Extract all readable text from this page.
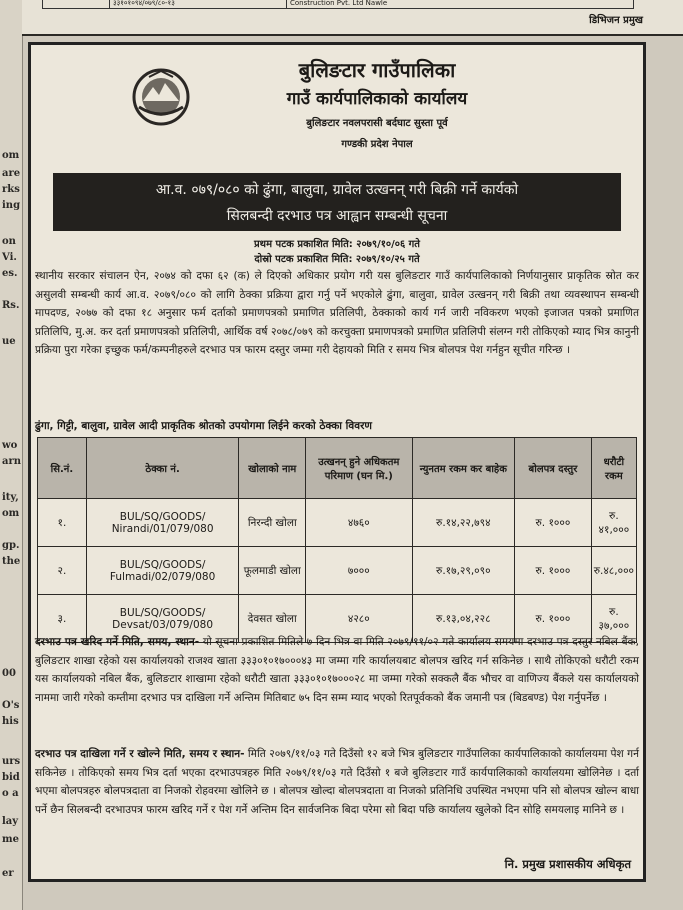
om
are
rks
ing
on
Vi.
es.
Rs.
ue
wo
arn
ity,
om
gp.
the
00
O's
his
urs
bid
o a
lay
me
er
३३१०१०९४/०७९/८०-१३	Construction Pvt. Ltd Nawle
डिभिजन प्रमुख
बुलिङटार गाउँपालिका
गाउँ कार्यपालिकाको कार्यालय
बुलिङटार नवलपरासी बर्दघाट सुस्ता पूर्व
गण्डकी प्रदेश नेपाल
आ.व. ०७९/०८० को ढुंगा, बालुवा, ग्रावेल उत्खनन् गरी बिक्री गर्ने कार्यको
सिलबन्दी दरभाउ पत्र आह्वान सम्बन्धी सूचना
प्रथम पटक प्रकाशित मिति: २०७९/१०/०६ गते
दोस्रो पटक प्रकाशित मिति: २०७९/१०/२५ गते
स्थानीय सरकार संचालन ऐन, २०७४ को दफा ६२ (क) ले दिएको अधिकार प्रयोग गरी यस बुलिङटार गाउँ कार्यपालिकाको निर्णयानुसार प्राकृतिक स्रोत कर असुलवी सम्बन्धी कार्य आ.व. २०७९/०८० को लागि ठेक्का प्रक्रिया द्वारा गर्नु पर्ने भएकोले ढुंगा, बालुवा, ग्रावेल उत्खनन् गरी बिक्री तथा व्यवस्थापन सम्बन्धी मापदण्ड, २०७७ को दफा १८ अनुसार फर्म दर्ताको प्रमाणपत्रको प्रमाणित प्रतिलिपी, ठेक्काको कार्य गर्न जारी नविकरण भएको इजाजत पत्रको प्रमाणित प्रतिलिपि, मु.अ. कर दर्ता प्रमाणपत्रको प्रतिलिपी, आर्थिक वर्ष २०७८/०७९ को करचुक्ता प्रमाणपत्रको प्रमाणित प्रतिलिपी संलग्न गरी तोकिएको म्याद भित्र कानुनी प्रक्रिया पुरा गरेका इच्छुक फर्म/कम्पनीहरुले दरभाउ पत्र फारम दस्तुर जम्मा गरी देहायको मिति र समय भित्र बोलपत्र पेश गर्नहुन सूचीत गरिन्छ ।
ढुंगा, गिट्टी, बालुवा, ग्रावेल आदी प्राकृतिक श्रोतको उपयोगमा लिईने करको ठेक्का विवरण
सि.नं.	ठेक्का नं.	खोलाको नाम	उत्खनन् हुने अधिकतम परिमाण (घन मि.)	न्युनतम रकम कर बाहेक	बोलपत्र दस्तुर	धरौटी रकम
१.	BUL/SQ/GOODS/ Nirandi/01/079/080	निरन्दी खोला	४७६०	रु.१४,२२,७९४	रु. १०००	रु. ४१,०००
२.	BUL/SQ/GOODS/ Fulmadi/02/079/080	फूलमाडी खोला	७०००	रु.१७,२९,०९०	रु. १०००	रु.४८,०००
३.	BUL/SQ/GOODS/ Devsat/03/079/080	देवसत खोला	४२८०	रु.१३,०४,२२८	रु. १०००	रु. ३७,०००
दरभाउ पत्र खरिद गर्ने मिति, समय, स्थान- यो सूचना प्रकाशित मितिले ७ दिन भित्र वा मिति २०७९/११/०२ गते कार्यालय समयमा दरभाउ पत्र दस्तुर नबिल बैंक, बुलिङटार शाखा रहेको यस कार्यालयको राजश्व खाता ३३३०१०१७०००४३ मा जम्मा गरि कार्यालयबाट बोलपत्र खरिद गर्न सकिनेछ । साथै तोकिएको धरौटी रकम यस कार्यालयको नबिल बैंक, बुलिङटार शाखामा रहेको धरौटी खाता ३३३०१०१७०००२८ मा जम्मा गरेको सक्कलै बैंक भौचर वा वाणिज्य बैंकले यस कार्यालयको नाममा जारी गरेको कम्तीमा दरभाउ पत्र दाखिला गर्ने अन्तिम मितिबाट ७५ दिन सम्म म्याद भएको रितपूर्वकको बैंक जमानी पत्र (बिडबण्ड) पेश गर्नुपर्नेछ ।
दरभाउ पत्र दाखिला गर्ने र खोल्ने मिति, समय र स्थान- मिति २०७९/११/०३ गते दिउँसो १२ बजे भित्र बुलिङटार गाउँपालिका कार्यपालिकाको कार्यालयमा पेश गर्न सकिनेछ । तोकिएको समय भित्र दर्ता भएका दरभाउपत्रहरु मिति २०७९/११/०३ गते दिउँसो १ बजे बुलिङटार गाउँ कार्यपालिकाको कार्यालयमा खोलिनेछ । दर्ता भएमा बोलपत्रहरु बोलपत्रदाता वा निजको रोहवरमा खोलिने छ । बोलपत्र खोल्दा बोलपत्रदाता वा निजको प्रतिनिधि उपस्थित नभएमा पनि सो बोलपत्र खोल्न बाधा पर्ने छैन सिलबन्दी दरभाउपत्र फारम खरिद गर्ने र पेश गर्ने अन्तिम दिन सार्वजनिक बिदा परेमा सो बिदा पछि कार्यालय खुलेको दिन सोहि समयलाइ मानिने छ ।
नि. प्रमुख प्रशासकीय अधिकृत
